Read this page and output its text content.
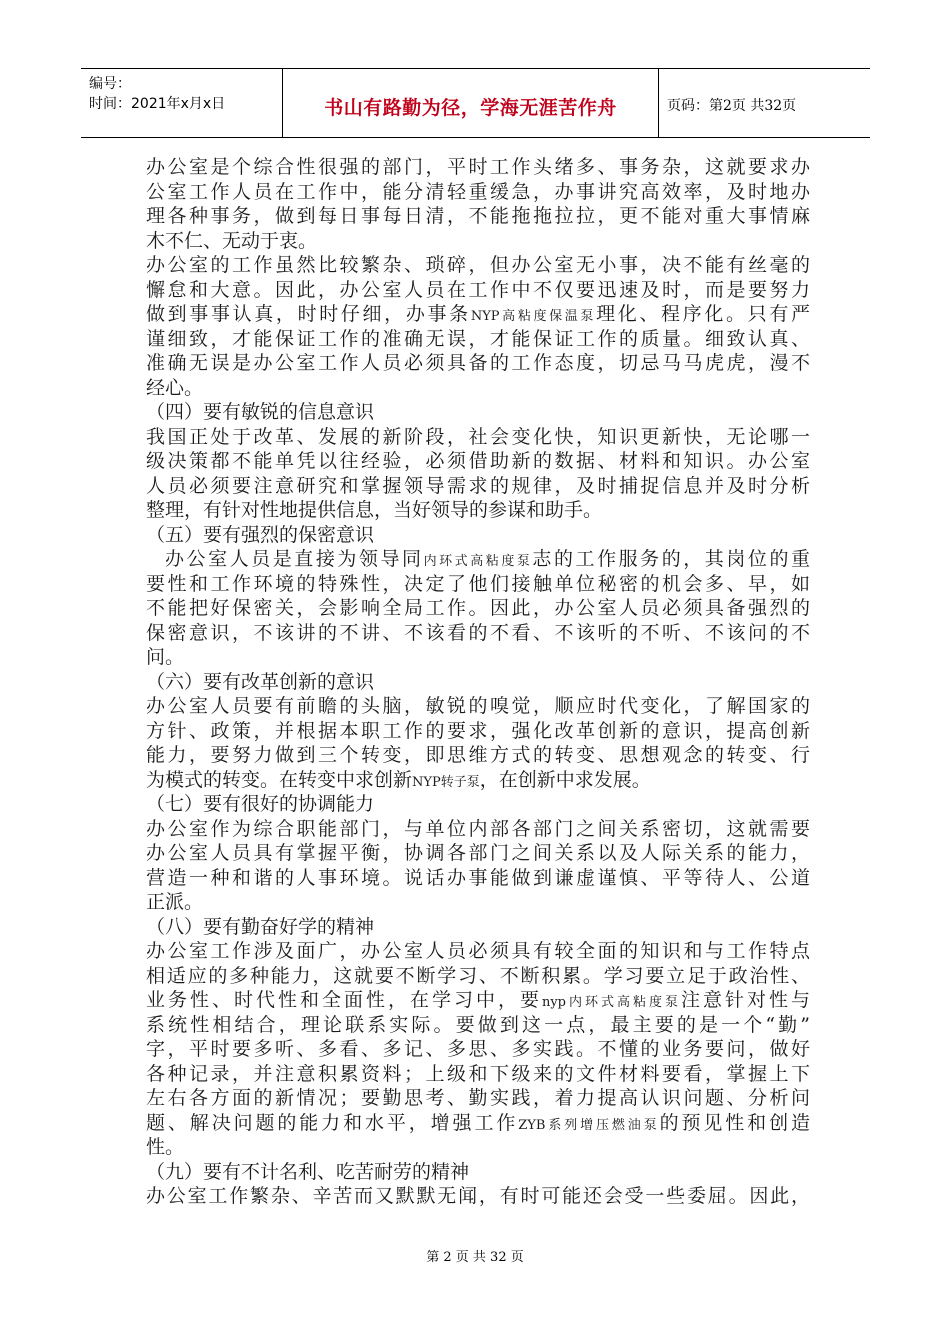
编号：
时间：2021年x月x日	书山有路勤为径，学海无涯苦作舟	页码：第2页 共32页
办公室是个综合性很强的部门，平时工作头绪多、事务杂，这就要求办
公室工作人员在工作中，能分清轻重缓急，办事讲究高效率，及时地办
理各种事务，做到每日事每日清，不能拖拖拉拉，更不能对重大事情麻
木不仁、无动于衷。
办公室的工作虽然比较繁杂、琐碎，但办公室无小事，决不能有丝毫的
懈怠和大意。因此，办公室人员在工作中不仅要迅速及时，而是要努力
做到事事认真，时时仔细，办事条NYP高粘度保温泵理化、程序化。只有严
谨细致，才能保证工作的准确无误，才能保证工作的质量。细致认真、
准确无误是办公室工作人员必须具备的工作态度，切忌马马虎虎，漫不
经心。
（四）要有敏锐的信息意识
我国正处于改革、发展的新阶段，社会变化快，知识更新快，无论哪一
级决策都不能单凭以往经验，必须借助新的数据、材料和知识。办公室
人员必须要注意研究和掌握领导需求的规律，及时捕捉信息并及时分析
整理，有针对性地提供信息，当好领导的参谋和助手。
（五）要有强烈的保密意识
办公室人员是直接为领导同内环式高粘度泵志的工作服务的，其岗位的重
要性和工作环境的特殊性，决定了他们接触单位秘密的机会多、早，如
不能把好保密关，会影响全局工作。因此，办公室人员必须具备强烈的
保密意识，不该讲的不讲、不该看的不看、不该听的不听、不该问的不
问。
（六）要有改革创新的意识
办公室人员要有前瞻的头脑，敏锐的嗅觉，顺应时代变化，了解国家的
方针、政策，并根据本职工作的要求，强化改革创新的意识，提高创新
能力，要努力做到三个转变，即思维方式的转变、思想观念的转变、行
为模式的转变。在转变中求创新NYP转子泵，在创新中求发展。
（七）要有很好的协调能力
办公室作为综合职能部门，与单位内部各部门之间关系密切，这就需要
办公室人员具有掌握平衡，协调各部门之间关系以及人际关系的能力，
营造一种和谐的人事环境。说话办事能做到谦虚谨慎、平等待人、公道
正派。
（八）要有勤奋好学的精神
办公室工作涉及面广，办公室人员必须具有较全面的知识和与工作特点
相适应的多种能力，这就要不断学习、不断积累。学习要立足于政治性、
业务性、时代性和全面性，在学习中，要nyp内环式高粘度泵注意针对性与
系统性相结合，理论联系实际。要做到这一点，最主要的是一个“勤”
字，平时要多听、多看、多记、多思、多实践。不懂的业务要问，做好
各种记录，并注意积累资料；上级和下级来的文件材料要看，掌握上下
左右各方面的新情况；要勤思考、勤实践，着力提高认识问题、分析问
题、解决问题的能力和水平，增强工作ZYB系列增压燃油泵的预见性和创造
性。
（九）要有不计名利、吃苦耐劳的精神
办公室工作繁杂、辛苦而又默默无闻，有时可能还会受一些委屈。因此，
第 2 页 共 32 页
